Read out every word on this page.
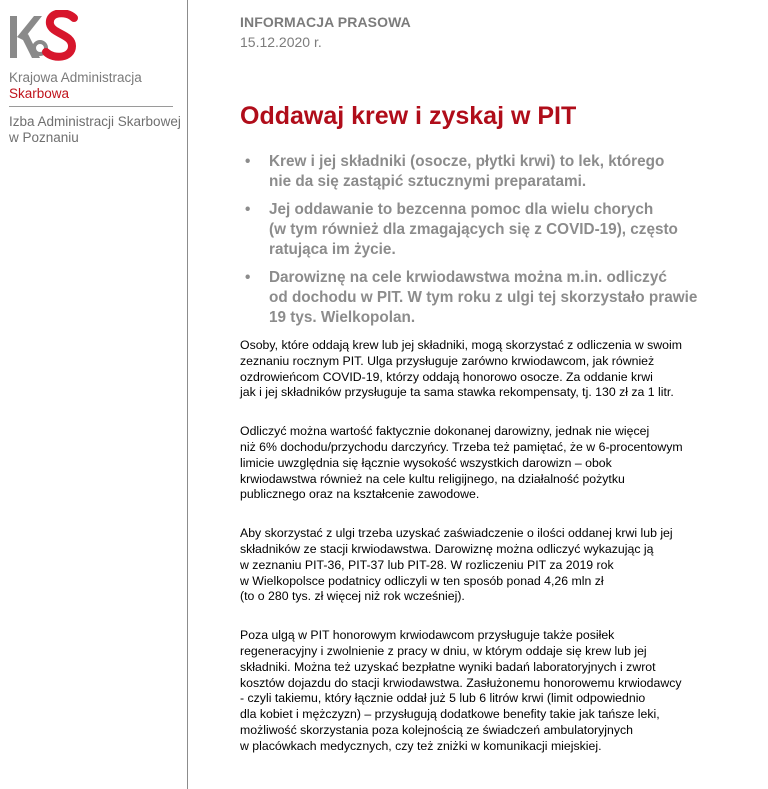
Krajowa Administracja
Skarbowa
Izba Administracji Skarbowej
w Poznaniu
INFORMACJA PRASOWA
15.12.2020 r.
Oddawaj krew i zyskaj w PIT
• Krew i jej składniki (osocze, płytki krwi) to lek, którego
nie da się zastąpić sztucznymi preparatami.
• Jej oddawanie to bezcenna pomoc dla wielu chorych
(w tym również dla zmagających się z COVID-19), często
ratująca im życie.
• Darowiznę na cele krwiodawstwa można m.in. odliczyć
od dochodu w PIT. W tym roku z ulgi tej skorzystało prawie
19 tys. Wielkopolan.

Osoby, które oddają krew lub jej składniki, mogą skorzystać z odliczenia w swoim
zeznaniu rocznym PIT. Ulga przysługuje zarówno krwiodawcom, jak również
ozdrowieńcom COVID-19, którzy oddają honorowo osocze. Za oddanie krwi
jak i jej składników przysługuje ta sama stawka rekompensaty, tj. 130 zł za 1 litr.

Odliczyć można wartość faktycznie dokonanej darowizny, jednak nie więcej
niż 6% dochodu/przychodu darczyńcy. Trzeba też pamiętać, że w 6-procentowym
limicie uwzględnia się łącznie wysokość wszystkich darowizn – obok
krwiodawstwa również na cele kultu religijnego, na działalność pożytku
publicznego oraz na kształcenie zawodowe.

Aby skorzystać z ulgi trzeba uzyskać zaświadczenie o ilości oddanej krwi lub jej
składników ze stacji krwiodawstwa. Darowiznę można odliczyć wykazując ją
w zeznaniu PIT-36, PIT-37 lub PIT-28. W rozliczeniu PIT za 2019 rok
w Wielkopolsce podatnicy odliczyli w ten sposób ponad 4,26 mln zł
(to o 280 tys. zł więcej niż rok wcześniej).

Poza ulgą w PIT honorowym krwiodawcom przysługuje także posiłek
regeneracyjny i zwolnienie z pracy w dniu, w którym oddaje się krew lub jej
składniki. Można też uzyskać bezpłatne wyniki badań laboratoryjnych i zwrot
kosztów dojazdu do stacji krwiodawstwa. Zasłużonemu honorowemu krwiodawcy
- czyli takiemu, który łącznie oddał już 5 lub 6 litrów krwi (limit odpowiednio
dla kobiet i mężczyzn) – przysługują dodatkowe benefity takie jak tańsze leki,
możliwość skorzystania poza kolejnością ze świadczeń ambulatoryjnych
w placówkach medycznych, czy też zniżki w komunikacji miejskiej.
